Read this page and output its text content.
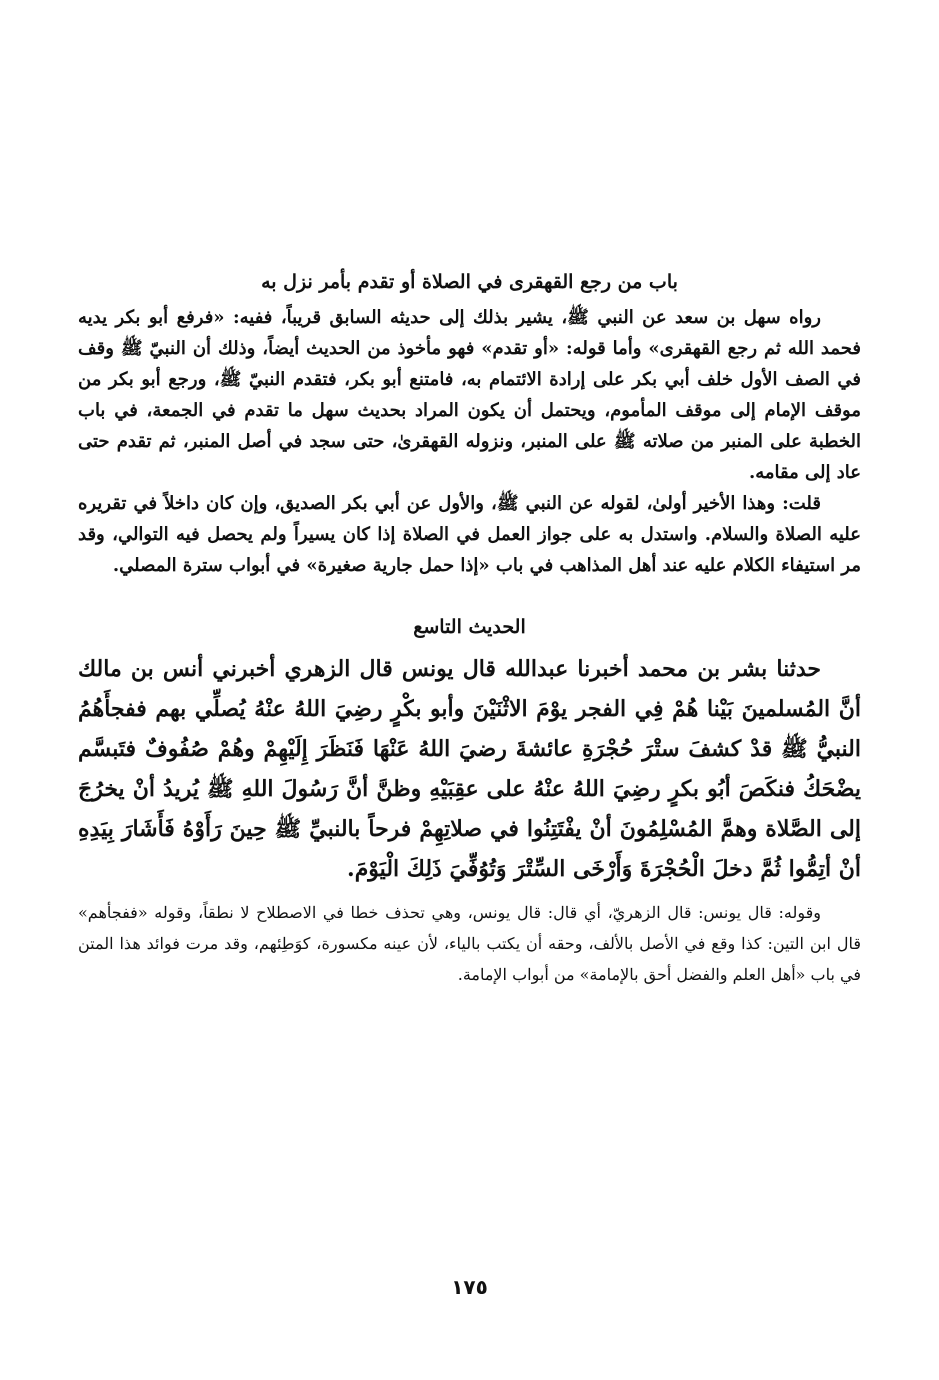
باب من رجع القهقرى في الصلاة أو تقدم بأمر نزل به

رواه سهل بن سعد عن النبي ﷺ، يشير بذلك إلى حديثه السابق قريباً، ففيه: «فرفع أبو بكر يديه فحمد الله ثم رجع القهقرى» وأما قوله: «أو تقدم» فهو مأخوذ من الحديث أيضاً، وذلك أن النبيّ ﷺ وقف في الصف الأول خلف أبي بكر على إرادة الائتمام به، فامتنع أبو بكر، فتقدم النبيّ ﷺ، ورجع أبو بكر من موقف الإمام إلى موقف المأموم، ويحتمل أن يكون المراد بحديث سهل ما تقدم في الجمعة، في باب الخطبة على المنبر من صلاته ﷺ على المنبر، ونزوله القهقرىٰ، حتى سجد في أصل المنبر، ثم تقدم حتى عاد إلى مقامه.

قلت: وهذا الأخير أولىٰ، لقوله عن النبي ﷺ، والأول عن أبي بكر الصديق، وإن كان داخلاً في تقريره عليه الصلاة والسلام. واستدل به على جواز العمل في الصلاة إذا كان يسيراً ولم يحصل فيه التوالي، وقد مر استيفاء الكلام عليه عند أهل المذاهب في باب «إذا حمل جارية صغيرة» في أبواب سترة المصلي.

الحديث التاسع

حدثنا بشر بن محمد أخبرنا عبدالله قال يونس قال الزهري أخبرني أنس بن مالك أنَّ المُسلمينَ بَيْنا هُمْ فِي الفجر يوْمَ الاثْنَيْنَ وأبو بكْرٍ رضِيَ اللهُ عنْهُ يُصلِّي بهم ففجأَهُمُ النبيُّ ﷺ قدْ كشفَ ستْرَ حُجْرَةِ عائشةَ رضيَ اللهُ عَنْهَا فَنَظَرَ إِلَيْهِمْ وهُمْ صُفُوفٌ فتَبسَّم يضْحَكُ فنكَصَ أبُو بكرٍ رضِيَ اللهُ عنْهُ على عقِبَيْهِ وظنَّ أنَّ رَسُولَ اللهِ ﷺ يُريدُ أنْ يخرُجَ إلى الصَّلاة وهمَّ المُسْلِمُونَ أنْ يفْتَتِنُوا في صلاتِهِمْ فرحاً بالنبيِّ ﷺ حِينَ رَأَوْهُ فَأَشَارَ بِيَدِهِ أنْ أتِمُّوا ثُمَّ دخلَ الْحُجْرَةَ وَأَرْخَى السِّتْرَ وَتُوُفِّيَ ذَلِكَ الْيَوْمَ.

وقوله: قال يونس: قال الزهريّ، أي قال: قال يونس، وهي تحذف خطا في الاصطلاح لا نطقاً، وقوله «ففجأهم» قال ابن التين: كذا وقع في الأصل بالألف، وحقه أن يكتب بالياء، لأن عينه مكسورة، كوَطِئهم، وقد مرت فوائد هذا المتن في باب «أهل العلم والفضل أحق بالإمامة» من أبواب الإمامة.

١٧٥
